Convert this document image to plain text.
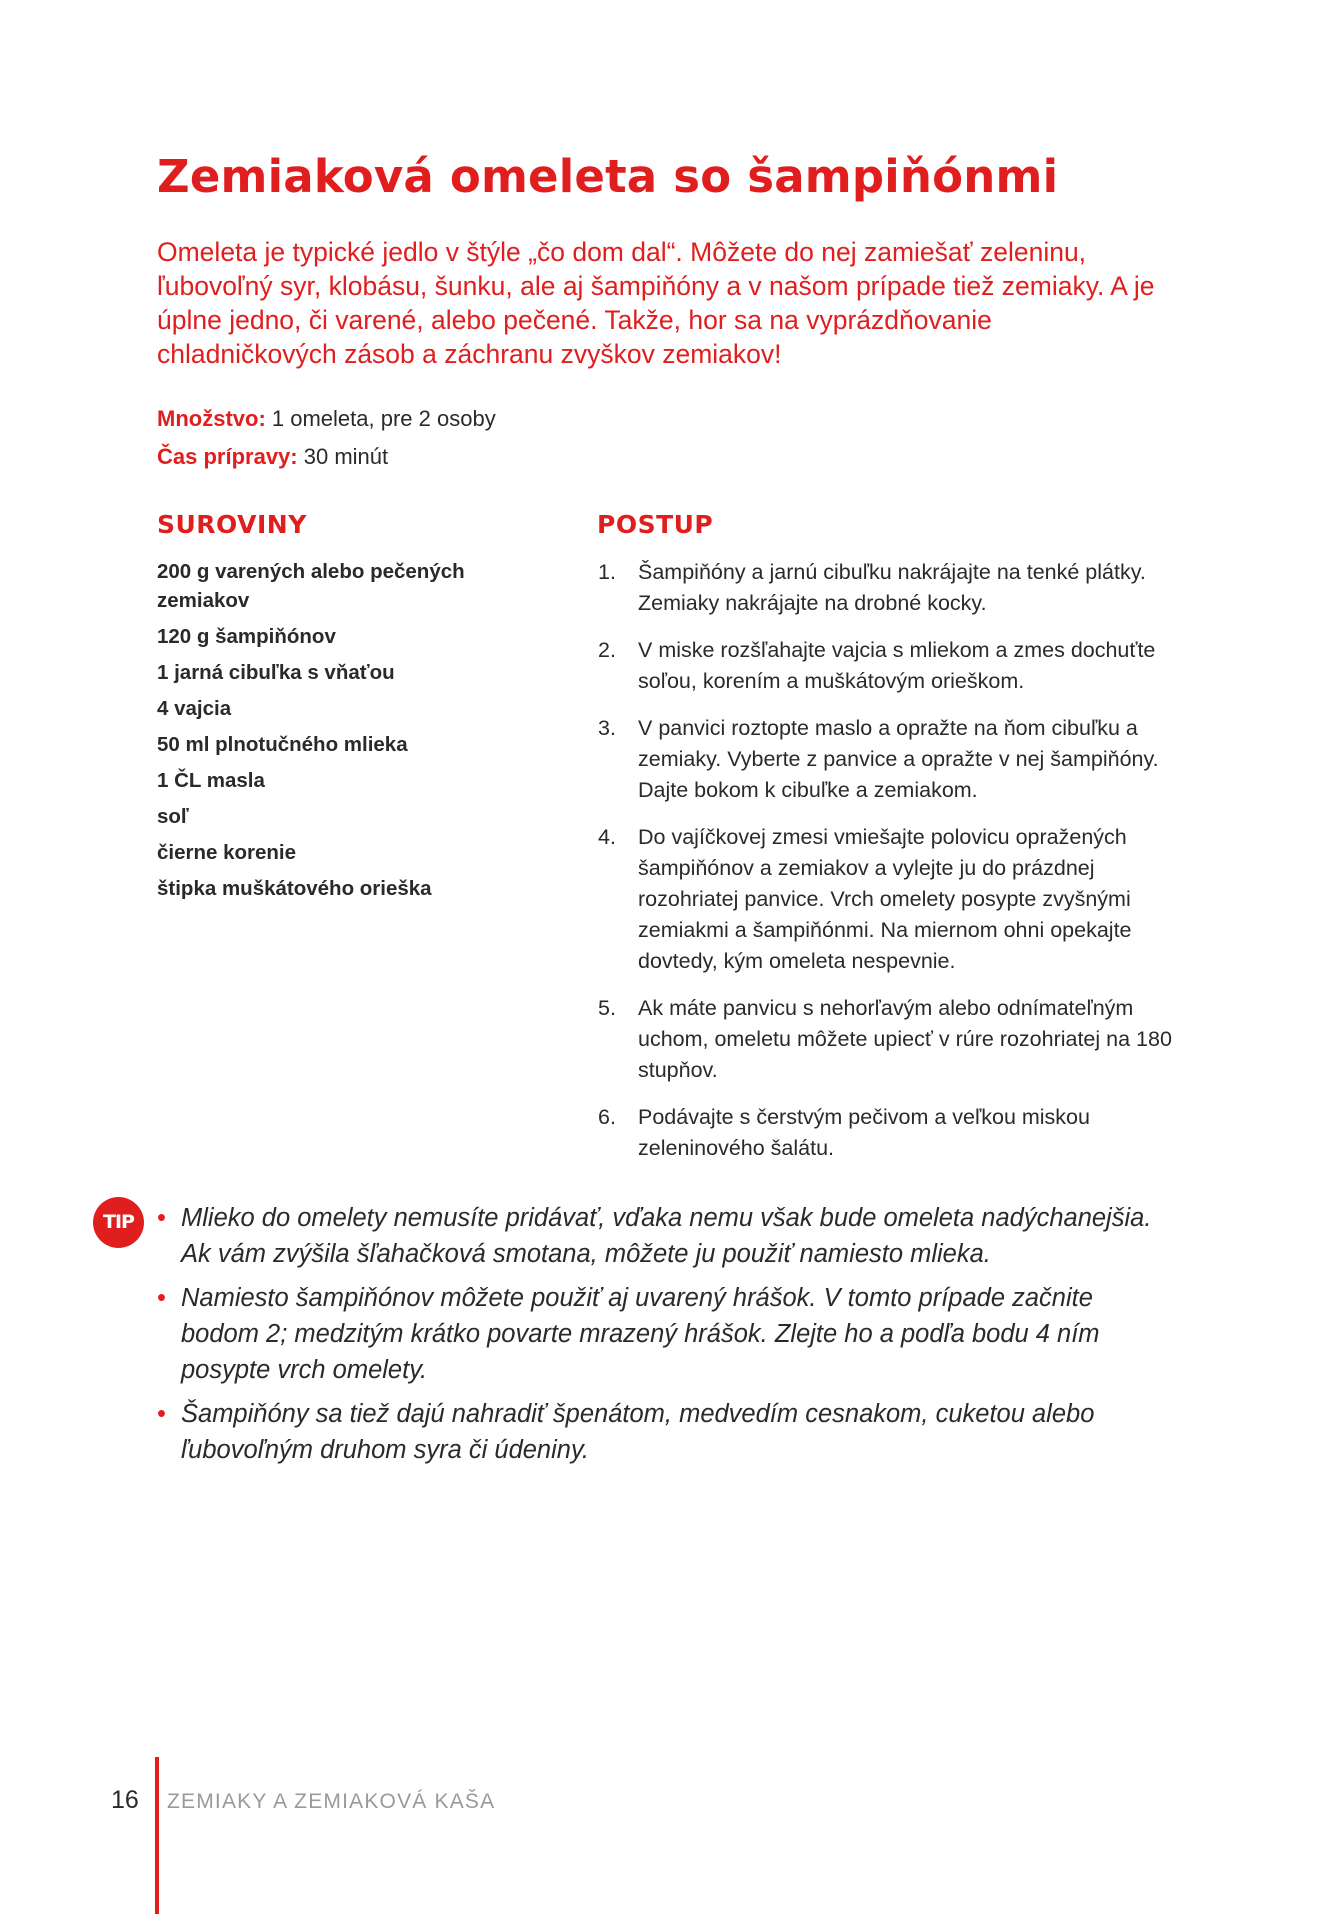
Zemiaková omeleta so šampiňónmi

Omeleta je typické jedlo v štýle „čo dom dal“. Môžete do nej zamiešať zeleninu, ľubovoľný syr, klobásu, šunku, ale aj šampiňóny a v našom prípade tiež zemiaky. A je úplne jedno, či varené, alebo pečené. Takže, hor sa na vyprázdňovanie chladničkových zásob a záchranu zvyškov zemiakov!

Množstvo: 1 omeleta, pre 2 osoby
Čas prípravy: 30 minút
SUROVINY	POSTUP
200 g varených alebo pečených zemiakov
120 g šampiňónov
1 jarná cibuľka s vňaťou
4 vajcia
50 ml plnotučného mlieka
1 ČL masla
soľ
čierne korenie
štipka muškátového orieška
1. Šampiňóny a jarnú cibuľku nakrájajte na tenké plátky. Zemiaky nakrájajte na drobné kocky.
2. V miske rozšľahajte vajcia s mliekom a zmes dochuťte soľou, korením a muškátovým orieškom.
3. V panvici roztopte maslo a opražte na ňom cibuľku a zemiaky. Vyberte z panvice a opražte v nej šampiňóny. Dajte bokom k cibuľke a zemiakom.
4. Do vajíčkovej zmesi vmiešajte polovicu opražených šampiňónov a zemiakov a vylejte ju do prázdnej rozohriatej panvice. Vrch omelety posypte zvyšnými zemiakmi a šampiňónmi. Na miernom ohni opekajte dovtedy, kým omeleta nespevnie.
5. Ak máte panvicu s nehorľavým alebo odnímateľným uchom, omeletu môžete upiecť v rúre rozohriatej na 180 stupňov.
6. Podávajte s čerstvým pečivom a veľkou miskou zeleninového šalátu.
TIP • Mlieko do omelety nemusíte pridávať, vďaka nemu však bude omeleta nadýchanejšia. Ak vám zvýšila šľahačková smotana, môžete ju použiť namiesto mlieka.
• Namiesto šampiňónov môžete použiť aj uvarený hrášok. V tomto prípade začnite bodom 2; medzitým krátko povarte mrazený hrášok. Zlejte ho a podľa bodu 4 ním posypte vrch omelety.
• Šampiňóny sa tiež dajú nahradiť špenátom, medvedím cesnakom, cuketou alebo ľubovoľným druhom syra či údeniny.
16 ZEMIAKY A ZEMIAKOVÁ KAŠA
